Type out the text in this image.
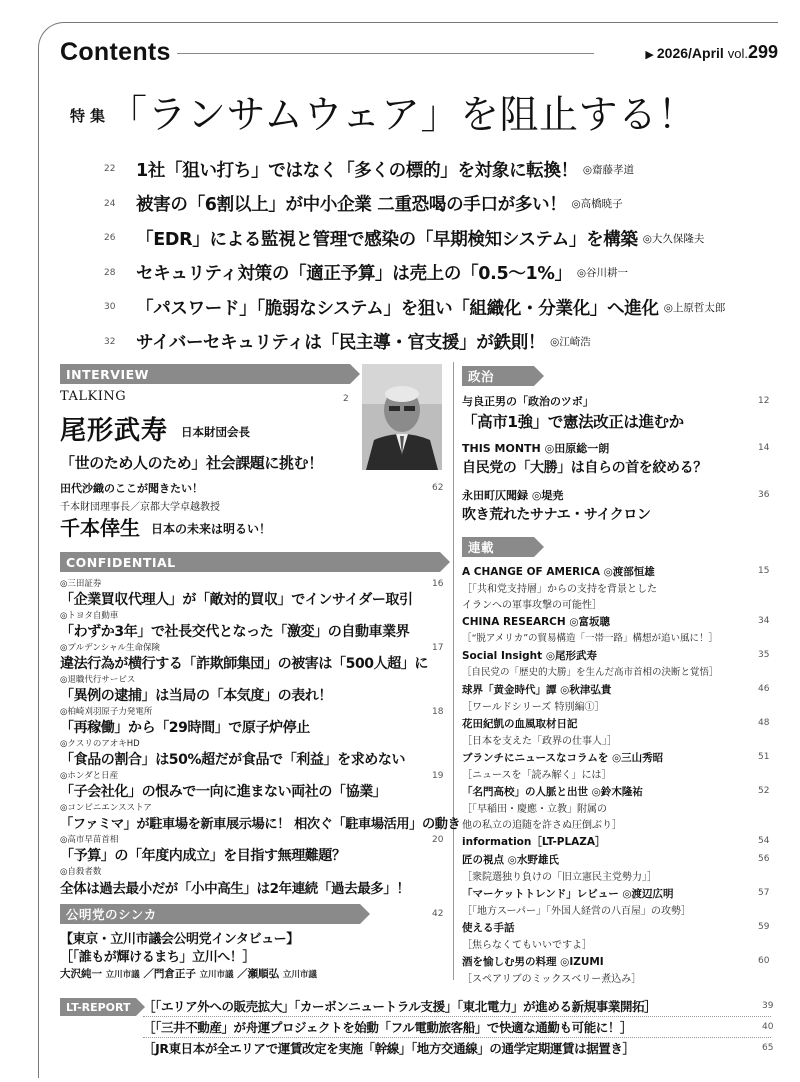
Contents	▶ 2026/April vol.299
特集
「ランサムウェア」を阻止する！
22	1社「狙い打ち」ではなく「多くの標的」を対象に転換！ ◎齋藤孝道
24	被害の「6割以上」が中小企業 二重恐喝の手口が多い！ ◎高橋暁子
26	「EDR」による監視と管理で感染の「早期検知システム」を構築 ◎大久保隆夫
28	セキュリティ対策の「適正予算」は売上の「0.5〜1%」 ◎谷川耕一
30	「パスワード」「脆弱なシステム」を狙い「組織化・分業化」へ進化 ◎上原哲太郎
32	サイバーセキュリティは「民主導・官支援」が鉄則！ ◎江崎浩
INTERVIEW
TALKING	2
尾形武寿 日本財団会長
「世のため人のため」社会課題に挑む！
田代沙織のここが聞きたい！	62
千本財団理事長／京都大学卓越教授
千本倖生 日本の未来は明るい！
CONFIDENTIAL
◎三田証券	16
「企業買収代理人」が「敵対的買収」でインサイダー取引
◎トヨタ自動車
「わずか3年」で社長交代となった「激変」の自動車業界
◎プルデンシャル生命保険	17
違法行為が横行する「詐欺師集団」の被害は「500人超」に
◎退職代行サービス
「異例の逮捕」は当局の「本気度」の表れ！
◎柏崎刈羽原子力発電所	18
「再稼働」から「29時間」で原子炉停止
◎クスリのアオキHD
「食品の割合」は50%超だが食品で「利益」を求めない
◎ホンダと日産	19
「子会社化」の恨みで一向に進まない両社の「協業」
◎コンビニエンスストア
「ファミマ」が駐車場を新車展示場に！ 相次ぐ「駐車場活用」の動き
◎高市早苗首相	20
「予算」の「年度内成立」を目指す無理難題？
◎自殺者数
全体は過去最小だが「小中高生」は2年連続「過去最多」！
公明党のシンカ	42
【東京・立川市議会公明党インタビュー】
［「誰もが輝けるまち」立川へ！］
大沢純一 立川市議 ／門倉正子 立川市議 ／瀬順弘 立川市議
政治
与良正男の「政治のツボ」	12
「高市1強」で憲法改正は進むか
THIS MONTH ◎田原総一朗	14
自民党の「大勝」は自らの首を絞める？
永田町仄聞録 ◎堤尭	36
吹き荒れたサナエ・サイクロン
連載
A CHANGE OF AMERICA ◎渡部恒雄	15
［「共和党支持層」からの支持を背景とした
イランへの軍事攻撃の可能性］
CHINA RESEARCH ◎富坂聰	34
［“脱アメリカ”の貿易構造「一帯一路」構想が追い風に！］
Social Insight ◎尾形武寿	35
［自民党の「歴史的大勝」を生んだ高市首相の決断と覚悟］
球界「黄金時代」譚 ◎秋津弘貴	46
［ワールドシリーズ 特別編①］
花田紀凱の血風取材日記	48
［日本を支えた「政界の仕事人」］
ブランチにニュースなコラムを ◎三山秀昭	51
［ニュースを「読み解く」には］
「名門高校」の人脈と出世 ◎鈴木隆祐	52
［「早稲田・慶應・立教」附属の
他の私立の追随を許さぬ圧倒ぶり］
information［LT-PLAZA］	54
匠の視点 ◎水野雄氏	56
［衆院選独り負けの「旧立憲民主党勢力」］
「マーケットトレンド」レビュー ◎渡辺広明	57
［「地方スーパー」「外国人経営の八百屋」の攻勢］
使える手話	59
［焦らなくてもいいですよ］
酒を愉しむ男の料理 ◎IZUMI	60
［スペアリブのミックスベリー煮込み］
LT-REPORT ［「エリア外への販売拡大」「カーボンニュートラル支援」「東北電力」が進める新規事業開拓］	39
［「三井不動産」が舟運プロジェクトを始動「フル電動旅客船」で快適な通勤も可能に！］	40
［JR東日本が全エリアで運賃改定を実施「幹線」「地方交通線」の通学定期運賃は据置き］	65
